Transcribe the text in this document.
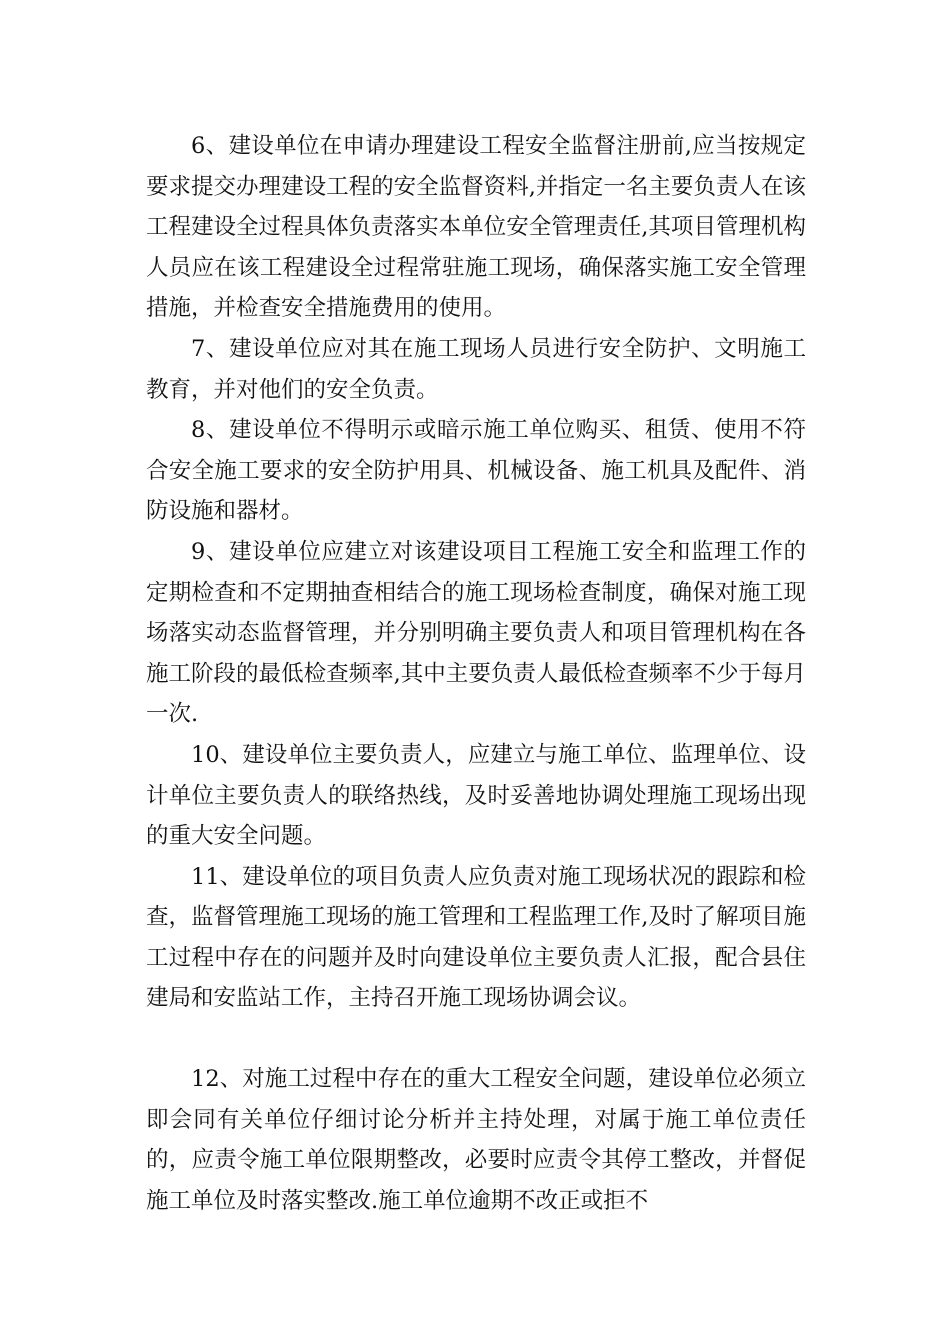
6、建设单位在申请办理建设工程安全监督注册前,应当按规定要求提交办理建设工程的安全监督资料,并指定一名主要负责人在该工程建设全过程具体负责落实本单位安全管理责任,其项目管理机构人员应在该工程建设全过程常驻施工现场，确保落实施工安全管理措施，并检查安全措施费用的使用。

7、建设单位应对其在施工现场人员进行安全防护、文明施工教育，并对他们的安全负责。

8、建设单位不得明示或暗示施工单位购买、租赁、使用不符合安全施工要求的安全防护用具、机械设备、施工机具及配件、消防设施和器材。

9、建设单位应建立对该建设项目工程施工安全和监理工作的定期检查和不定期抽查相结合的施工现场检查制度，确保对施工现场落实动态监督管理，并分别明确主要负责人和项目管理机构在各施工阶段的最低检查频率,其中主要负责人最低检查频率不少于每月一次.

10、建设单位主要负责人，应建立与施工单位、监理单位、设计单位主要负责人的联络热线，及时妥善地协调处理施工现场出现的重大安全问题。

11、建设单位的项目负责人应负责对施工现场状况的跟踪和检查，监督管理施工现场的施工管理和工程监理工作,及时了解项目施工过程中存在的问题并及时向建设单位主要负责人汇报，配合县住建局和安监站工作，主持召开施工现场协调会议。

12、对施工过程中存在的重大工程安全问题，建设单位必须立即会同有关单位仔细讨论分析并主持处理，对属于施工单位责任的，应责令施工单位限期整改，必要时应责令其停工整改，并督促施工单位及时落实整改.施工单位逾期不改正或拒不
